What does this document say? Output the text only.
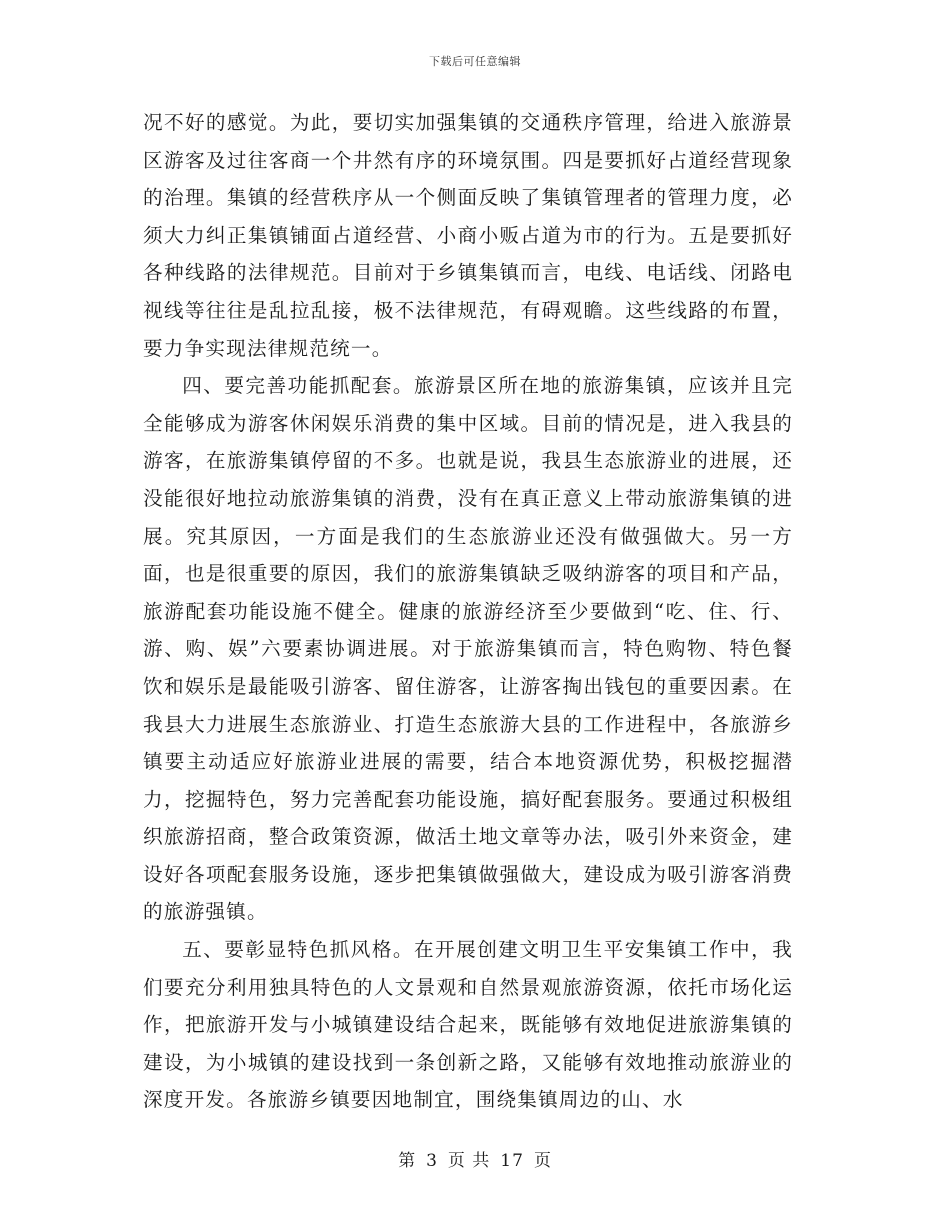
下载后可任意编辑

况不好的感觉。为此，要切实加强集镇的交通秩序管理，给进入旅游景区游客及过往客商一个井然有序的环境氛围。四是要抓好占道经营现象的治理。集镇的经营秩序从一个侧面反映了集镇管理者的管理力度，必须大力纠正集镇铺面占道经营、小商小贩占道为市的行为。五是要抓好各种线路的法律规范。目前对于乡镇集镇而言，电线、电话线、闭路电视线等往往是乱拉乱接，极不法律规范，有碍观瞻。这些线路的布置，要力争实现法律规范统一。

四、要完善功能抓配套。旅游景区所在地的旅游集镇，应该并且完全能够成为游客休闲娱乐消费的集中区域。目前的情况是，进入我县的游客，在旅游集镇停留的不多。也就是说，我县生态旅游业的进展，还没能很好地拉动旅游集镇的消费，没有在真正意义上带动旅游集镇的进展。究其原因，一方面是我们的生态旅游业还没有做强做大。另一方面，也是很重要的原因，我们的旅游集镇缺乏吸纳游客的项目和产品，旅游配套功能设施不健全。健康的旅游经济至少要做到“吃、住、行、游、购、娱”六要素协调进展。对于旅游集镇而言，特色购物、特色餐饮和娱乐是最能吸引游客、留住游客，让游客掏出钱包的重要因素。在我县大力进展生态旅游业、打造生态旅游大县的工作进程中，各旅游乡镇要主动适应好旅游业进展的需要，结合本地资源优势，积极挖掘潜力，挖掘特色，努力完善配套功能设施，搞好配套服务。要通过积极组织旅游招商，整合政策资源，做活土地文章等办法，吸引外来资金，建设好各项配套服务设施，逐步把集镇做强做大，建设成为吸引游客消费的旅游强镇。

五、要彰显特色抓风格。在开展创建文明卫生平安集镇工作中，我们要充分利用独具特色的人文景观和自然景观旅游资源，依托市场化运作，把旅游开发与小城镇建设结合起来，既能够有效地促进旅游集镇的建设，为小城镇的建设找到一条创新之路，又能够有效地推动旅游业的深度开发。各旅游乡镇要因地制宜，围绕集镇周边的山、水

第 3 页 共 17 页
